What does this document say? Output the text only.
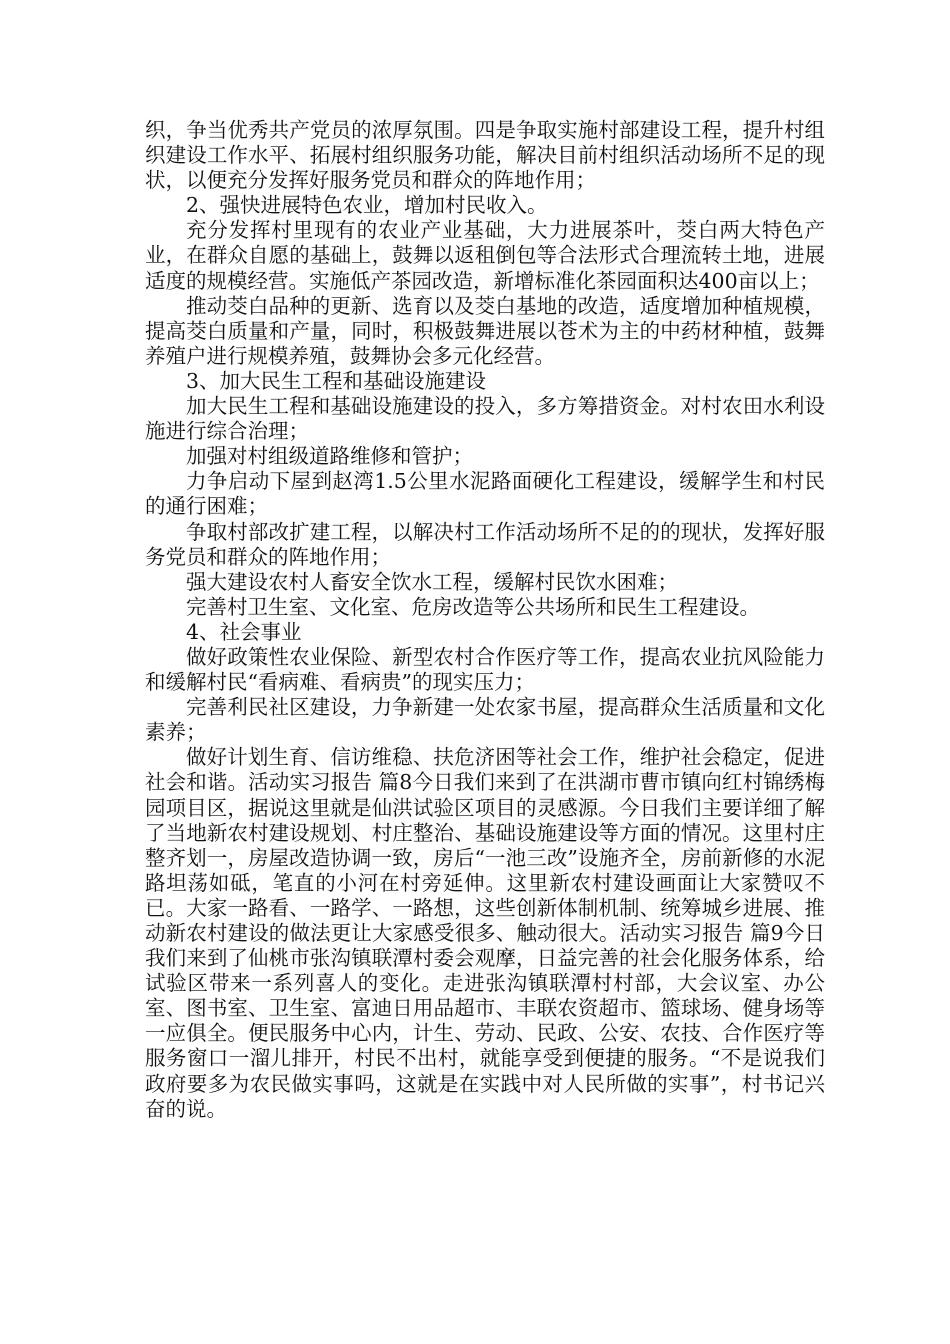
织，争当优秀共产党员的浓厚氛围。四是争取实施村部建设工程，提升村组织建设工作水平、拓展村组织服务功能，解决目前村组织活动场所不足的现状，以便充分发挥好服务党员和群众的阵地作用；

2、强快进展特色农业，增加村民收入。

充分发挥村里现有的农业产业基础，大力进展茶叶，茭白两大特色产业，在群众自愿的基础上，鼓舞以返租倒包等合法形式合理流转土地，进展适度的规模经营。实施低产茶园改造，新增标准化茶园面积达400亩以上；

推动茭白品种的更新、选育以及茭白基地的改造，适度增加种植规模，提高茭白质量和产量，同时，积极鼓舞进展以苍术为主的中药材种植，鼓舞养殖户进行规模养殖，鼓舞协会多元化经营。

3、加大民生工程和基础设施建设

加大民生工程和基础设施建设的投入，多方筹措资金。对村农田水利设施进行综合治理；

加强对村组级道路维修和管护；

力争启动下屋到赵湾1.5公里水泥路面硬化工程建设，缓解学生和村民的通行困难；

争取村部改扩建工程，以解决村工作活动场所不足的的现状，发挥好服务党员和群众的阵地作用；

强大建设农村人畜安全饮水工程，缓解村民饮水困难；

完善村卫生室、文化室、危房改造等公共场所和民生工程建设。

4、社会事业

做好政策性农业保险、新型农村合作医疗等工作，提高农业抗风险能力和缓解村民“看病难、看病贵”的现实压力；

完善利民社区建设，力争新建一处农家书屋，提高群众生活质量和文化素养；

做好计划生育、信访维稳、扶危济困等社会工作，维护社会稳定，促进社会和谐。活动实习报告 篇8今日我们来到了在洪湖市曹市镇向红村锦绣梅园项目区，据说这里就是仙洪试验区项目的灵感源。今日我们主要详细了解了当地新农村建设规划、村庄整治、基础设施建设等方面的情况。这里村庄整齐划一，房屋改造协调一致，房后“一池三改”设施齐全，房前新修的水泥路坦荡如砥，笔直的小河在村旁延伸。这里新农村建设画面让大家赞叹不已。大家一路看、一路学、一路想，这些创新体制机制、统筹城乡进展、推动新农村建设的做法更让大家感受很多、触动很大。活动实习报告 篇9今日我们来到了仙桃市张沟镇联潭村委会观摩，日益完善的社会化服务体系，给试验区带来一系列喜人的变化。走进张沟镇联潭村村部，大会议室、办公室、图书室、卫生室、富迪日用品超市、丰联农资超市、篮球场、健身场等一应俱全。便民服务中心内，计生、劳动、民政、公安、农技、合作医疗等服务窗口一溜儿排开，村民不出村，就能享受到便捷的服务。“不是说我们政府要多为农民做实事吗，这就是在实践中对人民所做的实事”，村书记兴奋的说。
